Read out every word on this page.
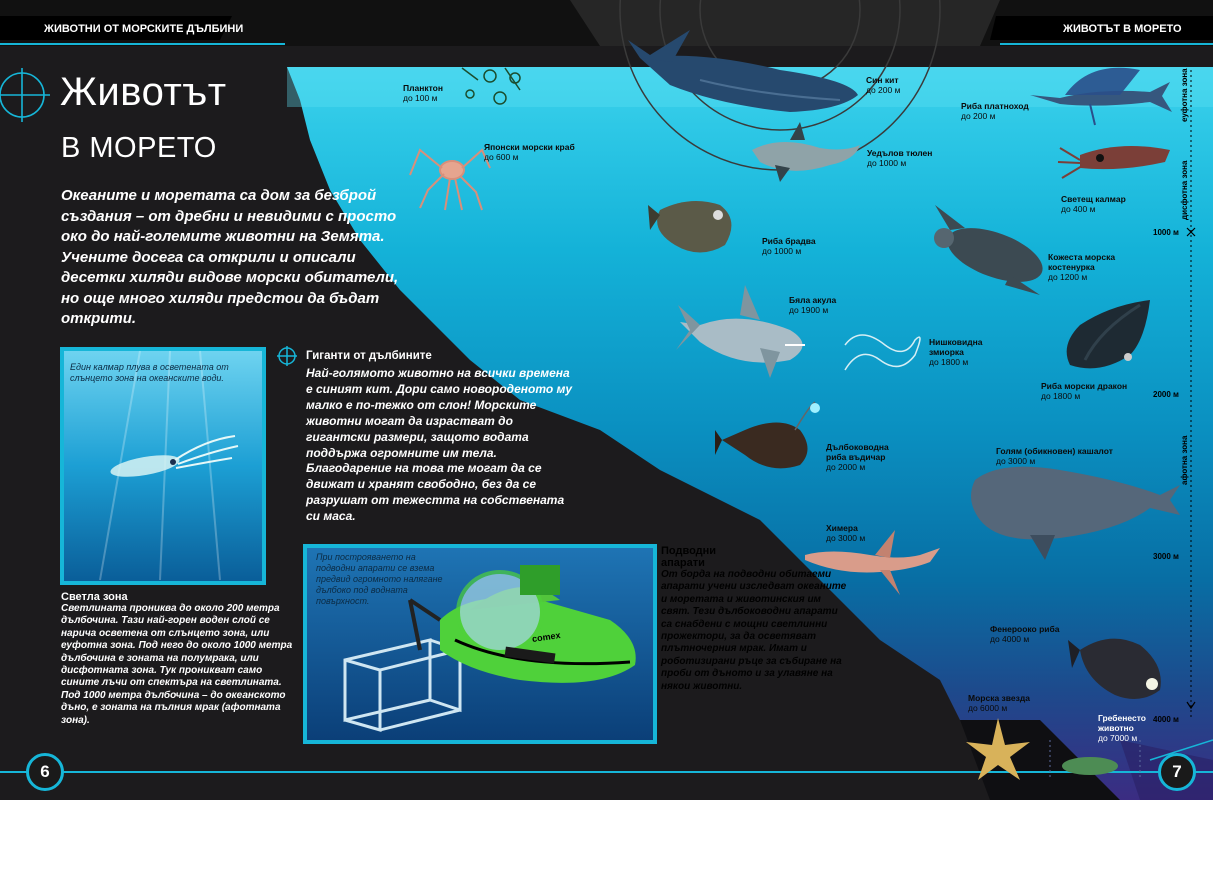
ЖИВОТНИ ОТ МОРСКИТЕ ДЪЛБИНИ	ЖИВОТЪТ В МОРЕТО
Животът
В МОРЕТО
Океаните и моретата са дом за безброй създания – от дребни и невидими с просто око до най-големите животни на Земята. Учените досега са открили и описали десетки хиляди видове морски обитатели, но още много хиляди предстои да бъдат открити.
Един калмар плува в осветената от слънцето зона на океанските води.
При построяването на подводни апарати се взема предвид огромното налягане дълбоко под водната повърхност.
comex
Светла зона
Светлината прониква до около 200 метра дълбочина. Тази най-горен воден слой се нарича осветена от слънцето зона, или еуфотна зона. Под него до около 1000 метра дълбочина е зоната на полумрака, или дисфотната зона. Тук проникват само сините лъчи от спектъра на светлината. Под 1000 метра дълбочина – до океанското дъно, е зоната на пълния мрак (афотната зона).
Гиганти от дълбините
Най-голямото животно на всички времена е синият кит. Дори само новороденото му малко е по-тежко от слон! Морските животни могат да израстват до гигантски размери, защото водата поддържа огромните им тела. Благодарение на това те могат да се движат и хранят свободно, без да се разрушат от тежестта на собствената си маса.
Подводни апарати
От борда на подводни обитаеми апарати учени изследват океаните и моретата и животинския им свят. Тези дълбоководни апарати са снабдени с мощни светлинни прожектори, за да осветяват плътночерния мрак. Имат и роботизирани ръце за събиране на проби от дъното и за улавяне на някои животни.
Планктон
до 100 м
Японски морски краб
до 600 м
Син кит
до 200 м
Уедълов тюлен
до 1000 м
Риба платноход
до 200 м
Светещ калмар
до 400 м
Риба брадва
до 1000 м
Кожеста морска костенурка
до 1200 м
Бяла акула
до 1900 м
Нишковидна змиорка
до 1800 м
Риба морски дракон
до 1800 м
Дълбоководна риба въдичар
до 2000 м
Голям (обикновен) кашалот
до 3000 м
Химера
до 3000 м
Фенерооко риба
до 4000 м
Морска звезда
до 6000 м
Гребенесто животно
до 7000 м
1000 м
2000 м
3000 м
4000 м
еуфотна зона
дисфотна зона
афотна зона
6	7
